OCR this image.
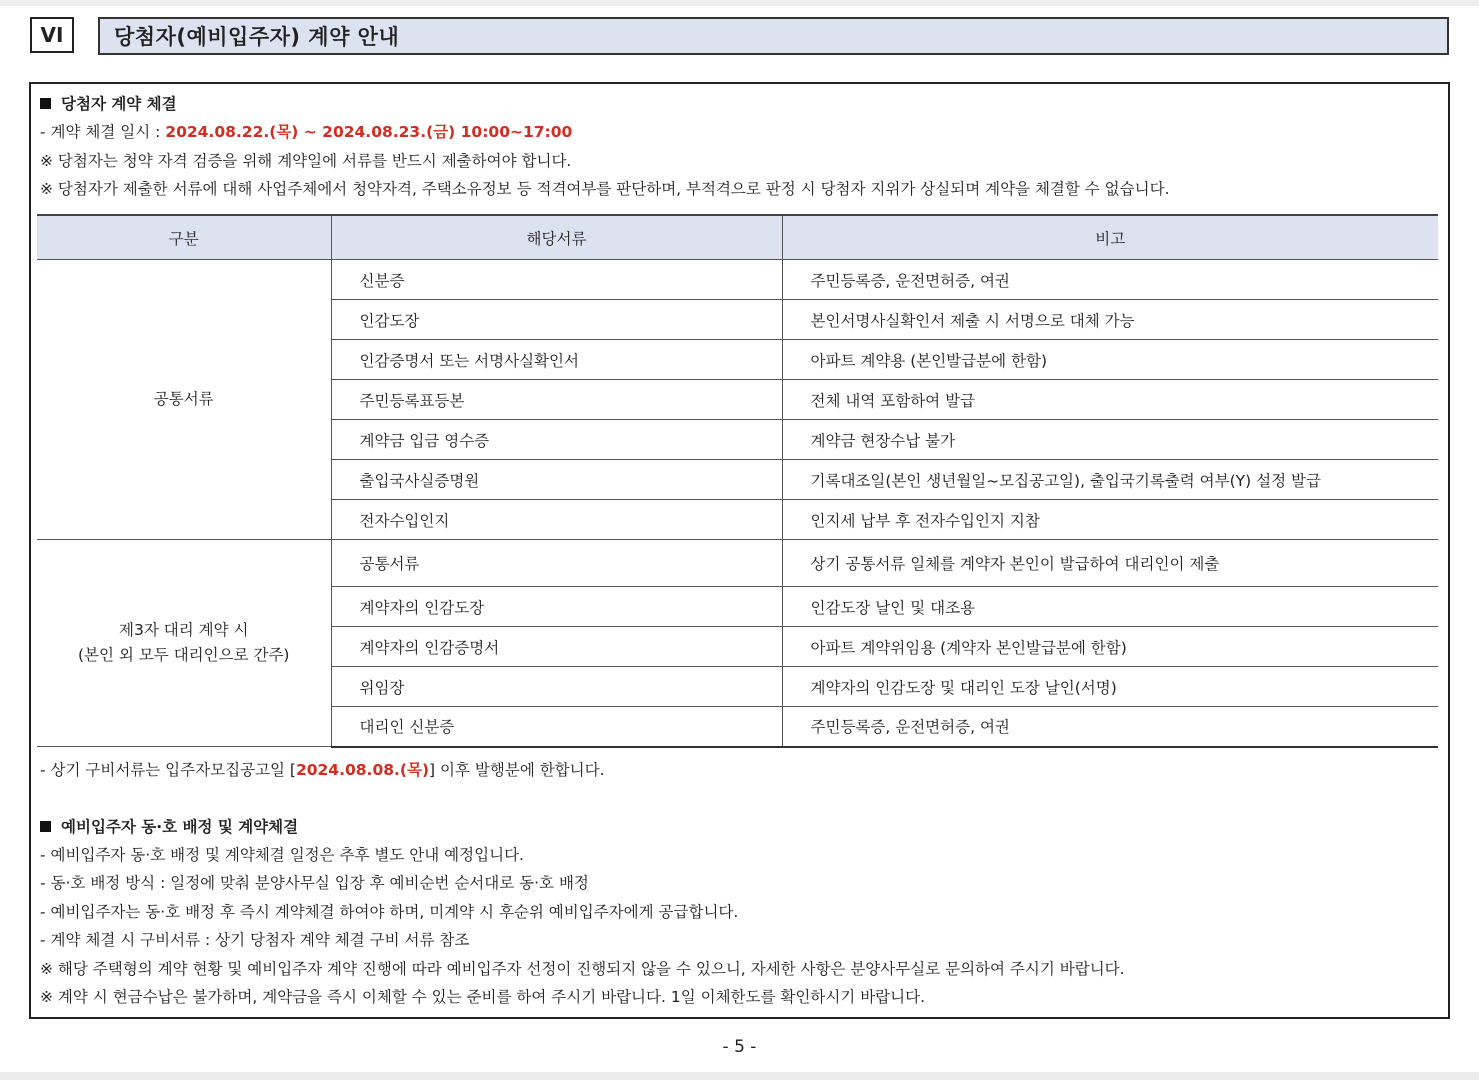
VI	당첨자(예비입주자) 계약 안내
당첨자 계약 체결
- 계약 체결 일시 : 2024.08.22.(목) ~ 2024.08.23.(금) 10:00~17:00
※ 당첨자는 청약 자격 검증을 위해 계약일에 서류를 반드시 제출하여야 합니다.
※ 당첨자가 제출한 서류에 대해 사업주체에서 청약자격, 주택소유정보 등 적격여부를 판단하며, 부적격으로 판정 시 당첨자 지위가 상실되며 계약을 체결할 수 없습니다.
구분	해당서류	비고
공통서류	신분증	주민등록증, 운전면허증, 여권
	인감도장	본인서명사실확인서 제출 시 서명으로 대체 가능
	인감증명서 또는 서명사실확인서	아파트 계약용 (본인발급분에 한함)
	주민등록표등본	전체 내역 포함하여 발급
	계약금 입금 영수증	계약금 현장수납 불가
	출입국사실증명원	기록대조일(본인 생년월일~모집공고일), 출입국기록출력 여부(Y) 설정 발급
	전자수입인지	인지세 납부 후 전자수입인지 지참

제3자 대리 계약 시
(본인 외 모두 대리인으로 간주)	공통서류	상기 공통서류 일체를 계약자 본인이 발급하여 대리인이 제출
	계약자의 인감도장	인감도장 날인 및 대조용
	계약자의 인감증명서	아파트 계약위임용 (계약자 본인발급분에 한함)
	위임장	계약자의 인감도장 및 대리인 도장 날인(서명)
	대리인 신분증	주민등록증, 운전면허증, 여권
- 상기 구비서류는 입주자모집공고일 [2024.08.08.(목)] 이후 발행분에 한합니다.
예비입주자 동·호 배정 및 계약체결
- 예비입주자 동·호 배정 및 계약체결 일정은 추후 별도 안내 예정입니다.
- 동·호 배정 방식 : 일정에 맞춰 분양사무실 입장 후 예비순번 순서대로 동·호 배정
- 예비입주자는 동·호 배정 후 즉시 계약체결 하여야 하며, 미계약 시 후순위 예비입주자에게 공급합니다.
- 계약 체결 시 구비서류 : 상기 당첨자 계약 체결 구비 서류 참조
※ 해당 주택형의 계약 현황 및 예비입주자 계약 진행에 따라 예비입주자 선정이 진행되지 않을 수 있으니, 자세한 사항은 분양사무실로 문의하여 주시기 바랍니다.
※ 계약 시 현금수납은 불가하며, 계약금을 즉시 이체할 수 있는 준비를 하여 주시기 바랍니다. 1일 이체한도를 확인하시기 바랍니다.
- 5 -
